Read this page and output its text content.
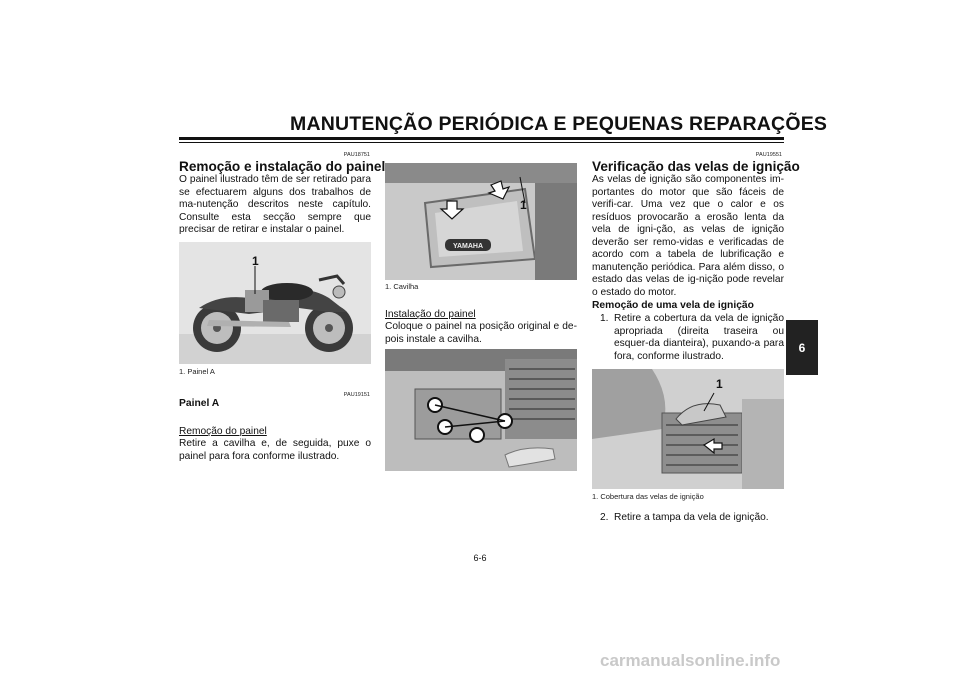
MANUTENÇÃO PERIÓDICA E PEQUENAS REPARAÇÕES
PAU18751
Remoção e instalação do painel
O painel ilustrado têm de ser retirado para se efectuarem alguns dos trabalhos de ma-nutenção descritos neste capítulo. Consulte esta secção sempre que precisar de retirar e instalar o painel.
1
1. Painel A
PAU19151
Painel A
Remoção do painel
Retire a cavilha e, de seguida, puxe o painel para fora conforme ilustrado.
YAMAHA
1
1. Cavilha
Instalação do painel
Coloque o painel na posição original e de-pois instale a cavilha.
PAU19551
Verificação das velas de ignição
As velas de ignição são componentes im-portantes do motor que são fáceis de verifi-car. Uma vez que o calor e os resíduos provocarão a erosão lenta da vela de igni-ção, as velas de ignição deverão ser remo-vidas e verificadas de acordo com a tabela de lubrificação e manutenção periódica. Para além disso, o estado das velas de ig-nição pode revelar o estado do motor.
Remoção de uma vela de ignição
1. Retire a cobertura da vela de ignição apropriada (direita traseira ou esquer-da dianteira), puxando-a para fora, conforme ilustrado.
1
1. Cobertura das velas de ignição
2. Retire a tampa da vela de ignição.
6
6-6
carmanualsonline.info
